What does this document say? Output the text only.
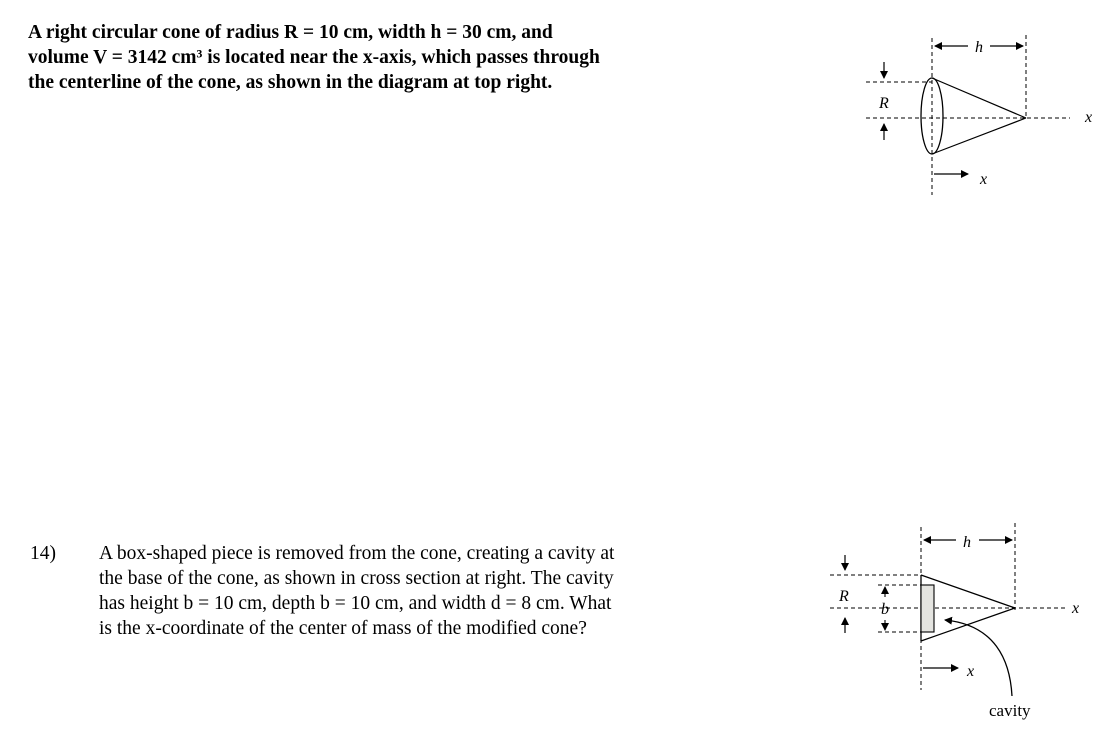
A right circular cone of radius R = 10 cm, width h = 30 cm, and
volume V = 3142 cm³ is located near the x-axis, which passes through
the centerline of the cone, as shown in the diagram at top right.
h
R
x
x
14) A box-shaped piece is removed from the cone, creating a cavity at
the base of the cone, as shown in cross section at right. The cavity
has height b = 10 cm, depth b = 10 cm, and width d = 8 cm. What
is the x-coordinate of the center of mass of the modified cone?
h
R
b	x
x
cavity
